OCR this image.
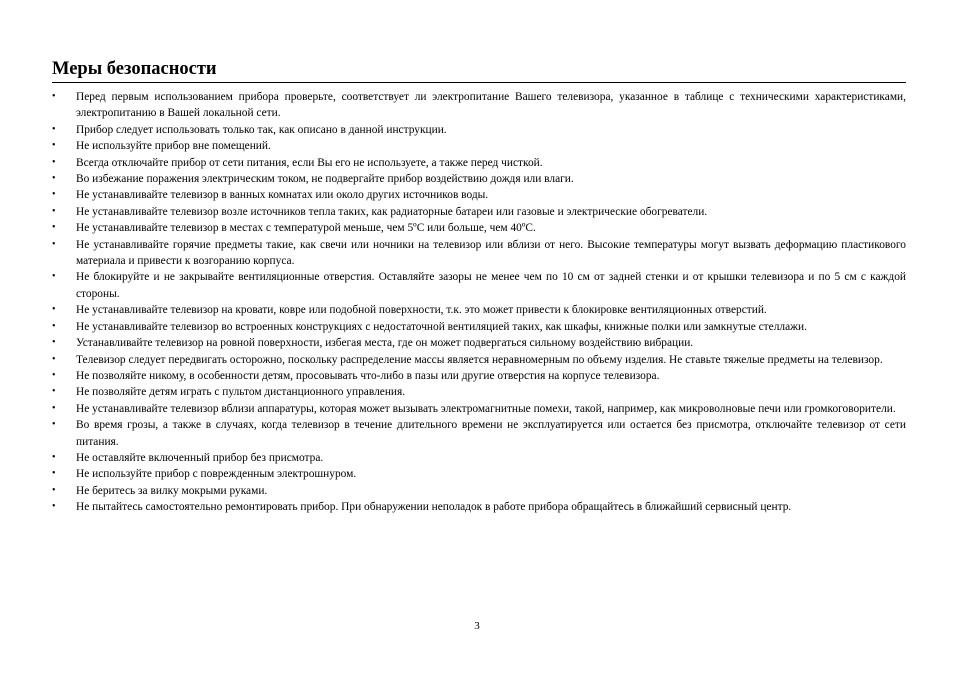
Меры безопасности
•	Перед первым использованием прибора проверьте, соответствует ли электропитание Вашего телевизора, указанное в таблице с техническими характеристиками, электропитанию в Вашей локальной сети.
•	Прибор следует использовать только так, как описано в данной инструкции.
•	Не используйте прибор вне помещений.
•	Всегда отключайте прибор от сети питания, если Вы его не используете, а также перед чисткой.
•	Во избежание поражения электрическим током, не подвергайте прибор воздействию дождя или влаги.
•	Не устанавливайте телевизор в ванных комнатах или около других источников воды.
•	Не устанавливайте телевизор возле источников тепла таких, как радиаторные батареи или газовые и электрические обогреватели.
•	Не устанавливайте телевизор в местах с температурой меньше, чем 5ºC или больше, чем 40ºC.
•	Не устанавливайте горячие предметы такие, как свечи или ночники на телевизор или вблизи от него. Высокие температуры могут вызвать деформацию пластикового материала и привести к возгоранию корпуса.
•	Не блокируйте и не закрывайте вентиляционные отверстия. Оставляйте зазоры не менее чем по 10 см от задней стенки и от крышки телевизора и по 5 см с каждой стороны.
•	Не устанавливайте телевизор на кровати, ковре или подобной поверхности, т.к. это может привести к блокировке вентиляционных отверстий.
•	Не устанавливайте телевизор во встроенных конструкциях с недостаточной вентиляцией таких, как шкафы, книжные полки или замкнутые стеллажи.
•	Устанавливайте телевизор на ровной поверхности, избегая места, где он может подвергаться сильному воздействию вибрации.
•	Телевизор следует передвигать осторожно, поскольку распределение массы является неравномерным по объему изделия. Не ставьте тяжелые предметы на телевизор.
•	Не позволяйте никому, в особенности детям, просовывать что-либо в пазы или другие отверстия на корпусе телевизора.
•	Не позволяйте детям играть с пультом дистанционного управления.
•	Не устанавливайте телевизор вблизи аппаратуры, которая может вызывать электромагнитные помехи, такой, например, как микроволновые печи или громкоговорители.
•	Во время грозы, а также в случаях, когда телевизор в течение длительного времени не эксплуатируется или остается без присмотра, отключайте телевизор от сети питания.
•	Не оставляйте включенный прибор без присмотра.
•	Не используйте прибор с поврежденным электрошнуром.
•	Не беритесь за вилку мокрыми руками.
•	Не пытайтесь самостоятельно ремонтировать прибор. При обнаружении неполадок в работе прибора обращайтесь в ближайший сервисный центр.
3
